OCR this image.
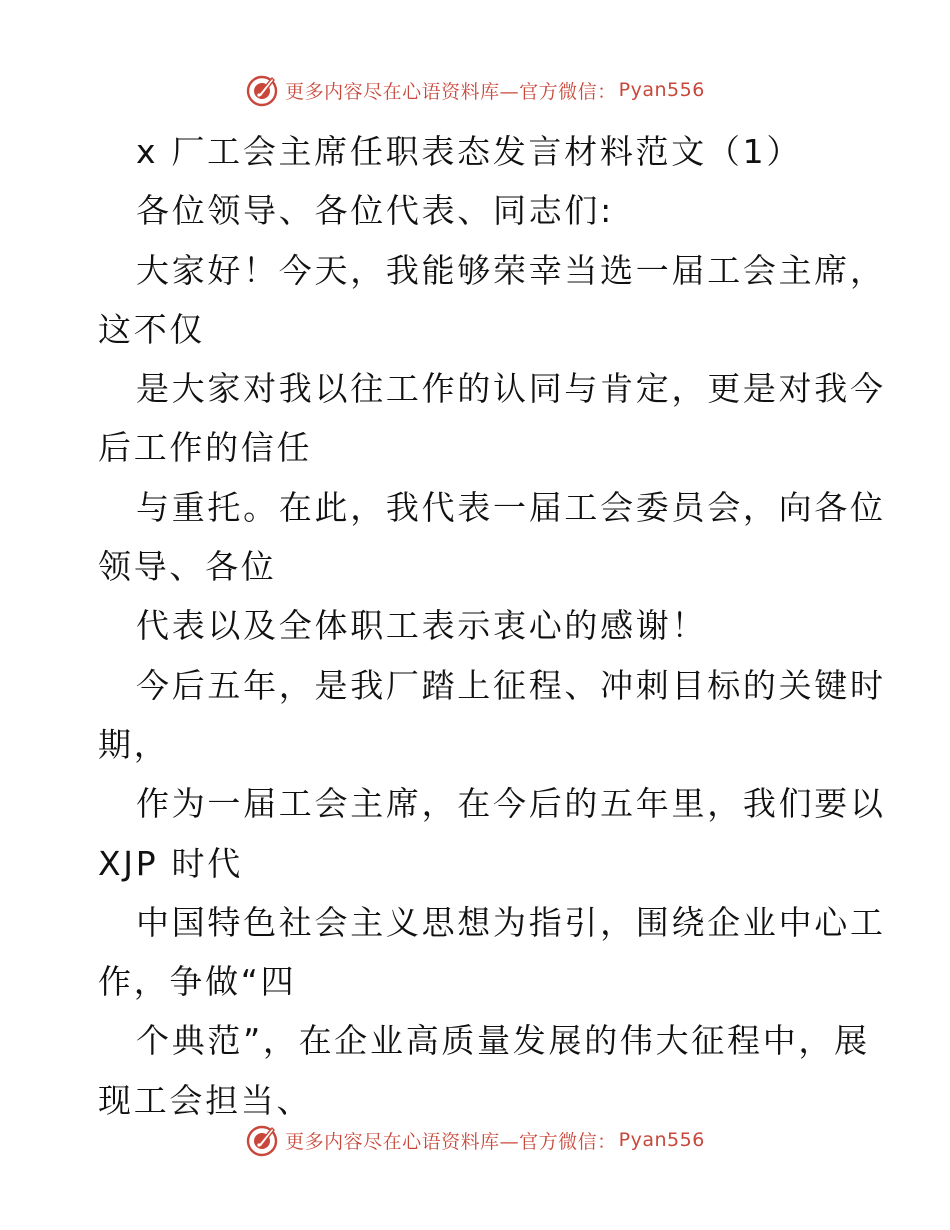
更多内容尽在心语资料库—官方微信： Pyan556
x 厂工会主席任职表态发言材料范文（1）
各位领导、各位代表、同志们:
大家好！今天，我能够荣幸当选一届工会主席，
这不仅
是大家对我以往工作的认同与肯定，更是对我今
后工作的信任
与重托。在此，我代表一届工会委员会，向各位
领导、各位
代表以及全体职工表示衷心的感谢！
今后五年，是我厂踏上征程、冲刺目标的关键时
期，
作为一届工会主席，在今后的五年里，我们要以
XJP 时代
中国特色社会主义思想为指引，围绕企业中心工
作，争做“四
个典范”，在企业高质量发展的伟大征程中，展
现工会担当、
更多内容尽在心语资料库—官方微信： Pyan556
